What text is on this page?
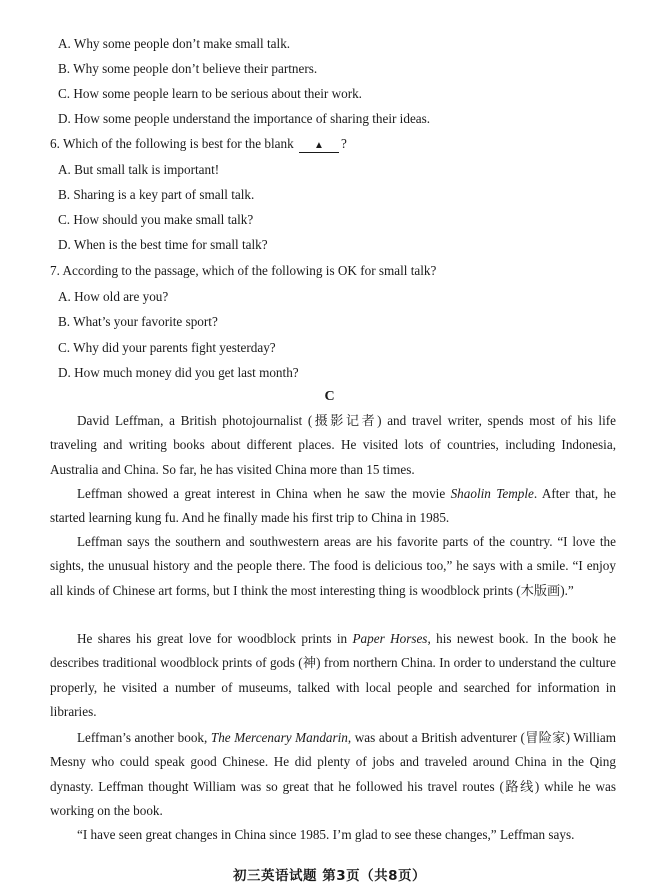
A. Why some people don’t make small talk.
B. Why some people don’t believe their partners.
C. How some people learn to be serious about their work.
D. How some people understand the importance of sharing their ideas.
6. Which of the following is best for the blank ▲ ?
A. But small talk is important!
B. Sharing is a key part of small talk.
C. How should you make small talk?
D. When is the best time for small talk?
7. According to the passage, which of the following is OK for small talk?
A. How old are you?
B. What’s your favorite sport?
C. Why did your parents fight yesterday?
D. How much money did you get last month?
C
David Leffman, a British photojournalist (摄影记者) and travel writer, spends most of his life traveling and writing books about different places. He visited lots of countries, including Indonesia, Australia and China. So far, he has visited China more than 15 times.
Leffman showed a great interest in China when he saw the movie Shaolin Temple. After that, he started learning kung fu. And he finally made his first trip to China in 1985.
Leffman says the southern and southwestern areas are his favorite parts of the country. “I love the sights, the unusual history and the people there. The food is delicious too,” he says with a smile. “I enjoy all kinds of Chinese art forms, but I think the most interesting thing is woodblock prints (木版画).”
He shares his great love for woodblock prints in Paper Horses, his newest book. In the book he describes traditional woodblock prints of gods (神) from northern China. In order to understand the culture properly, he visited a number of museums, talked with local people and searched for information in libraries.
Leffman’s another book, The Mercenary Mandarin, was about a British adventurer (冒险家) William Mesny who could speak good Chinese. He did plenty of jobs and traveled around China in the Qing dynasty. Leffman thought William was so great that he followed his travel routes (路线) while he was working on the book.
“I have seen great changes in China since 1985. I’m glad to see these changes,” Leffman says.
初三英语试题 第3页（共8页）
